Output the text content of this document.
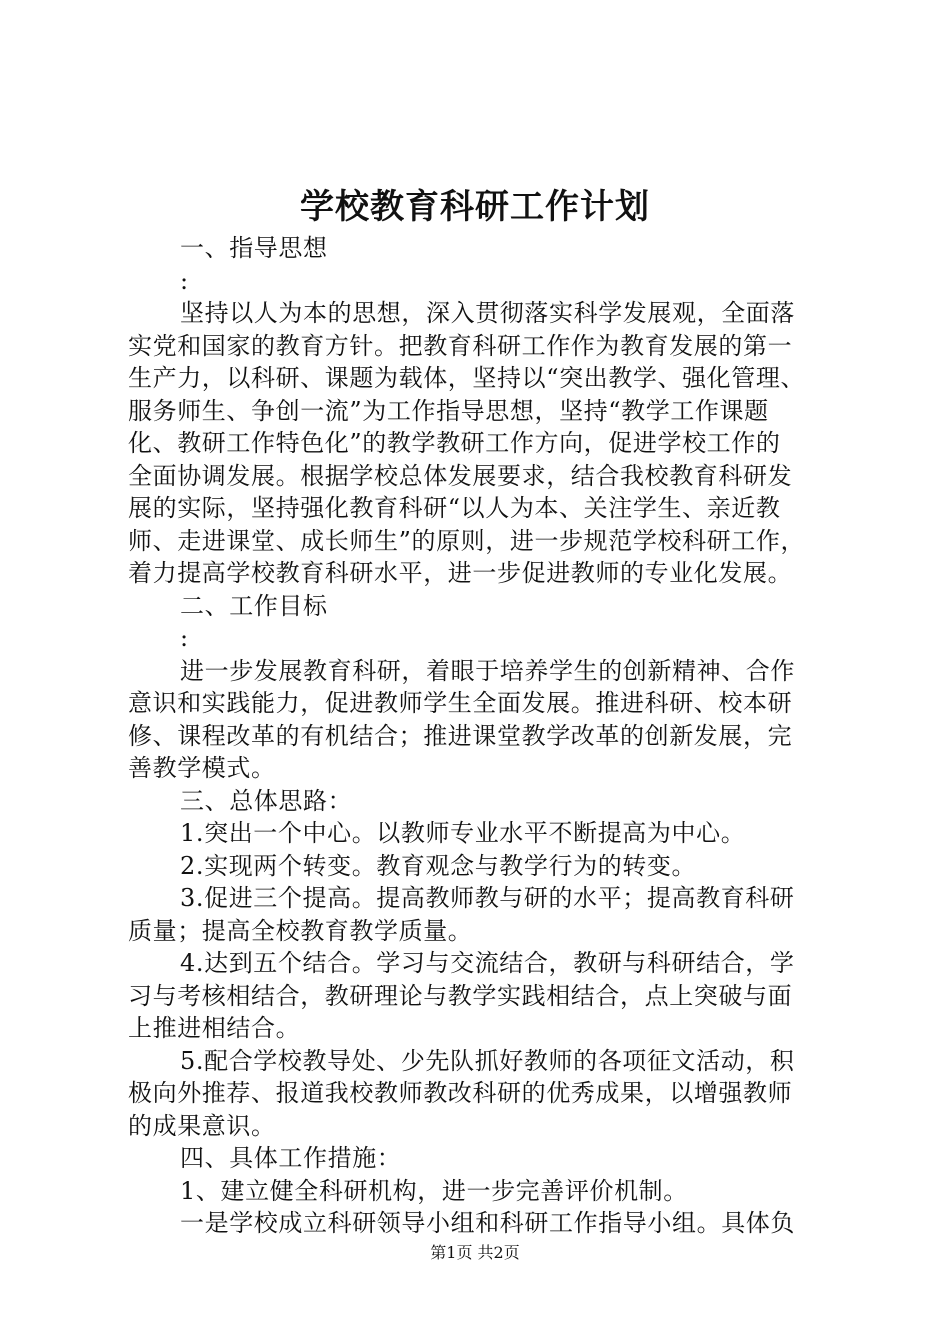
学校教育科研工作计划
一、指导思想
:
坚持以人为本的思想，深入贯彻落实科学发展观，全面落
实党和国家的教育方针。把教育科研工作作为教育发展的第一
生产力，以科研、课题为载体，坚持以“突出教学、强化管理、
服务师生、争创一流”为工作指导思想，坚持“教学工作课题
化、教研工作特色化”的教学教研工作方向，促进学校工作的
全面协调发展。根据学校总体发展要求，结合我校教育科研发
展的实际，坚持强化教育科研“以人为本、关注学生、亲近教
师、走进课堂、成长师生”的原则，进一步规范学校科研工作，
着力提高学校教育科研水平，进一步促进教师的专业化发展。
二、工作目标
:
进一步发展教育科研，着眼于培养学生的创新精神、合作
意识和实践能力，促进教师学生全面发展。推进科研、校本研
修、课程改革的有机结合；推进课堂教学改革的创新发展，完
善教学模式。
三、总体思路：
1.突出一个中心。以教师专业水平不断提高为中心。
2.实现两个转变。教育观念与教学行为的转变。
3.促进三个提高。提高教师教与研的水平；提高教育科研
质量；提高全校教育教学质量。
4.达到五个结合。学习与交流结合，教研与科研结合，学
习与考核相结合，教研理论与教学实践相结合，点上突破与面
上推进相结合。
5.配合学校教导处、少先队抓好教师的各项征文活动，积
极向外推荐、报道我校教师教改科研的优秀成果，以增强教师
的成果意识。
四、具体工作措施：
1、建立健全科研机构，进一步完善评价机制。
一是学校成立科研领导小组和科研工作指导小组。具体负
第1页 共2页
